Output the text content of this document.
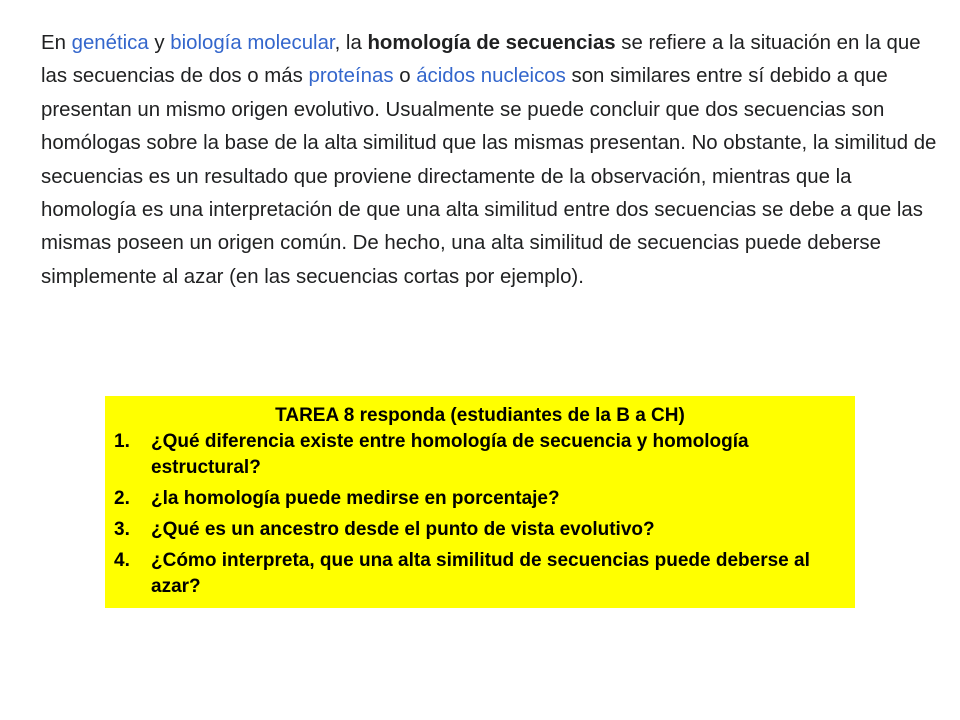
En genética y biología molecular, la homología de secuencias se refiere a la situación en la que las secuencias de dos o más proteínas o ácidos nucleicos son similares entre sí debido a que presentan un mismo origen evolutivo. Usualmente se puede concluir que dos secuencias son homólogas sobre la base de la alta similitud que las mismas presentan. No obstante, la similitud de secuencias es un resultado que proviene directamente de la observación, mientras que la homología es una interpretación de que una alta similitud entre dos secuencias se debe a que las mismas poseen un origen común. De hecho, una alta similitud de secuencias puede deberse simplemente al azar (en las secuencias cortas por ejemplo).
TAREA 8 responda (estudiantes de la B a CH)
1. ¿Qué diferencia existe entre homología de secuencia y homología estructural?
2. ¿la homología puede medirse en porcentaje?
3. ¿Qué es un ancestro desde el punto de vista evolutivo?
4. ¿Cómo interpreta, que una alta similitud de secuencias puede deberse al azar?
